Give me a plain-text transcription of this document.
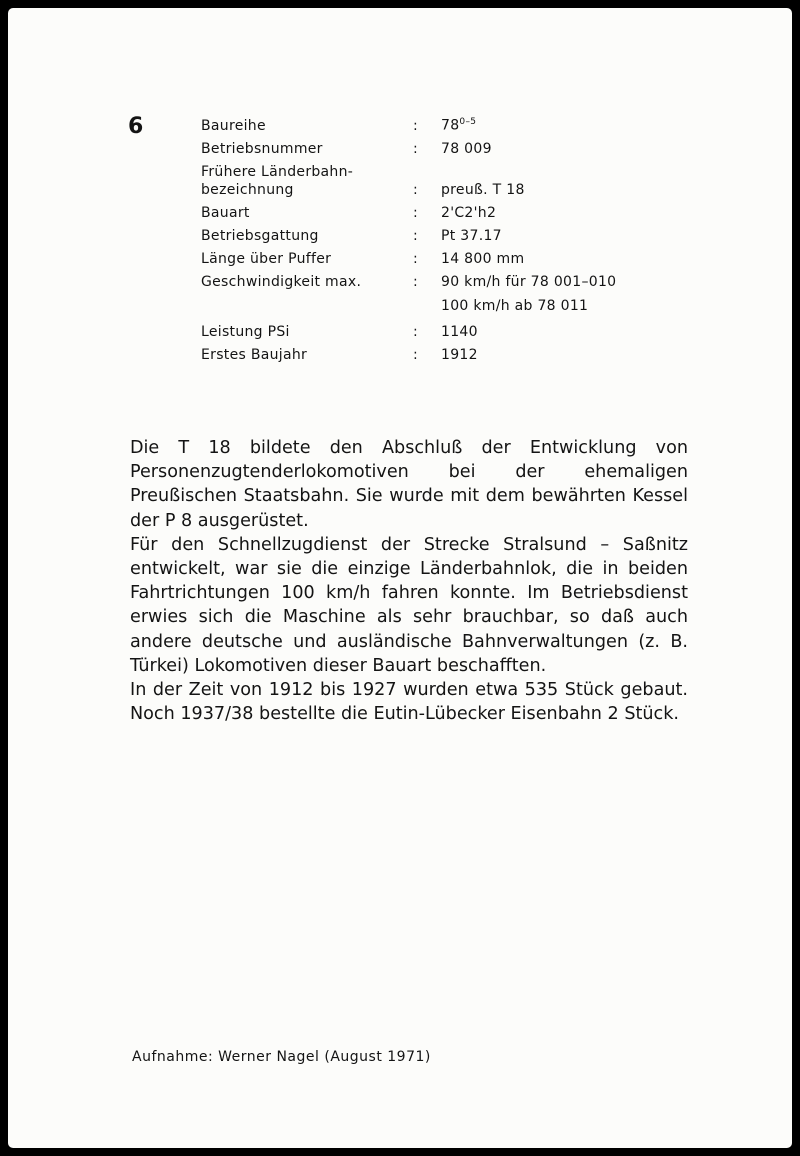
6	Baureihe	:	78$^{0-5}$
Betriebsnummer	:	78 009
Frühere Länderbahn-
bezeichnung	:	preuß. T 18
Bauart	:	2'C2'h2
Betriebsgattung	:	Pt 37.17
Länge über Puffer	:	14 800 mm
Geschwindigkeit max.	:	90 km/h für 78 001–010
100 km/h ab 78 011
Leistung PSi	:	1140
Erstes Baujahr	:	1912

Die T 18 bildete den Abschluß der Entwicklung von Personenzugtenderlokomotiven bei der ehemaligen Preußischen Staatsbahn. Sie wurde mit dem bewährten Kessel der P 8 ausgerüstet.

Für den Schnellzugdienst der Strecke Stralsund – Saßnitz entwickelt, war sie die einzige Länderbahnlok, die in beiden Fahrtrichtungen 100 km/h fahren konnte. Im Betriebsdienst erwies sich die Maschine als sehr brauchbar, so daß auch andere deutsche und ausländische Bahnverwaltungen (z. B. Türkei) Lokomotiven dieser Bauart beschafften.

In der Zeit von 1912 bis 1927 wurden etwa 535 Stück gebaut. Noch 1937/38 bestellte die Eutin-Lübecker Eisenbahn 2 Stück.

Aufnahme: Werner Nagel (August 1971)
